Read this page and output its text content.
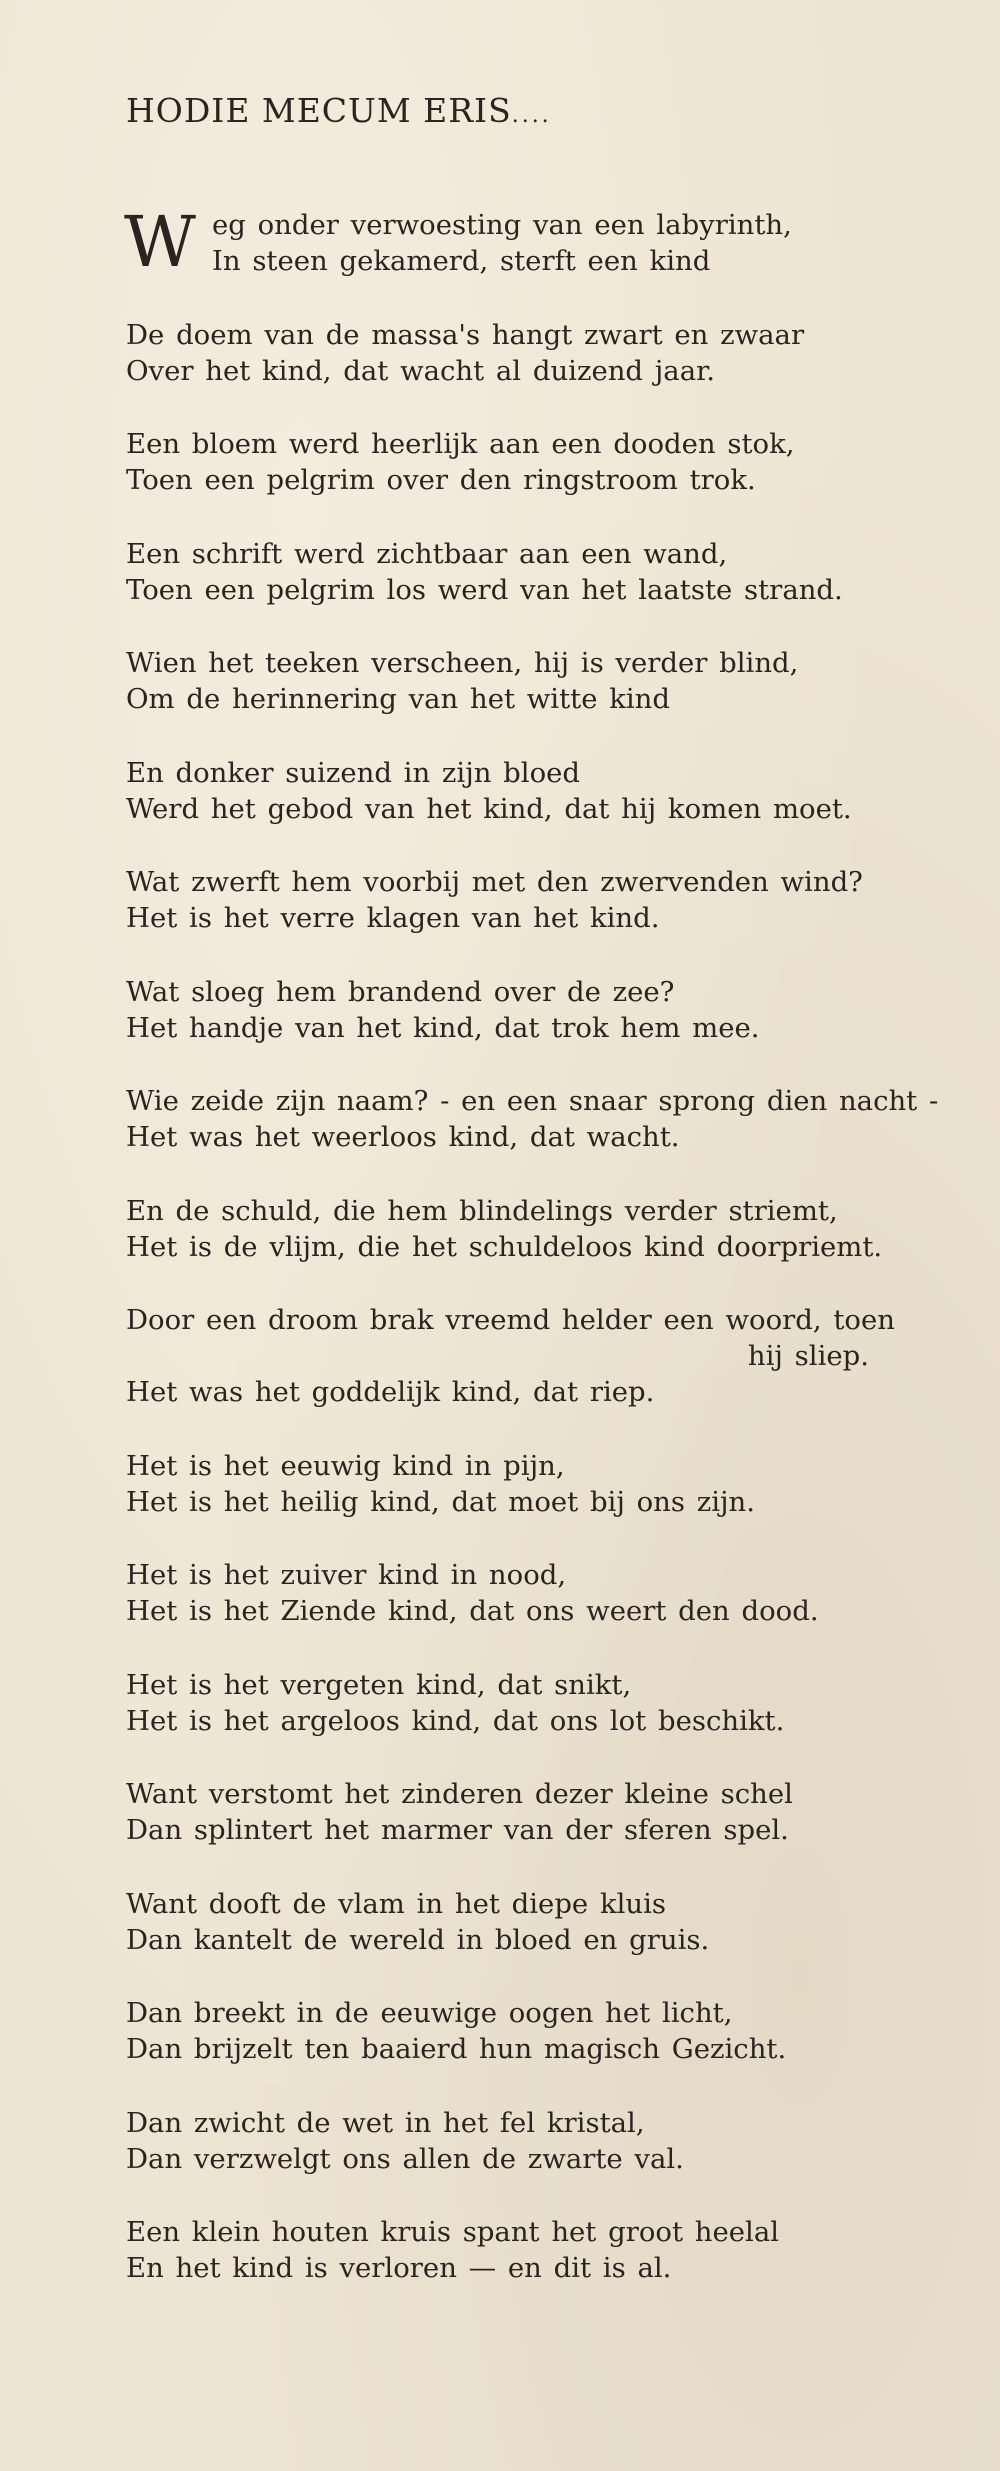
HODIE MECUM ERIS....
W eg onder verwoesting van een labyrinth,
In steen gekamerd, sterft een kind
De doem van de massa's hangt zwart en zwaar
Over het kind, dat wacht al duizend jaar.
Een bloem werd heerlijk aan een dooden stok,
Toen een pelgrim over den ringstroom trok.
Een schrift werd zichtbaar aan een wand,
Toen een pelgrim los werd van het laatste strand.
Wien het teeken verscheen, hij is verder blind,
Om de herinnering van het witte kind
En donker suizend in zijn bloed
Werd het gebod van het kind, dat hij komen moet.
Wat zwerft hem voorbij met den zwervenden wind?
Het is het verre klagen van het kind.
Wat sloeg hem brandend over de zee?
Het handje van het kind, dat trok hem mee.
Wie zeide zijn naam? - en een snaar sprong dien nacht -
Het was het weerloos kind, dat wacht.
En de schuld, die hem blindelings verder striemt,
Het is de vlijm, die het schuldeloos kind doorpriemt.
Door een droom brak vreemd helder een woord, toen
hij sliep.
Het was het goddelijk kind, dat riep.
Het is het eeuwig kind in pijn,
Het is het heilig kind, dat moet bij ons zijn.
Het is het zuiver kind in nood,
Het is het Ziende kind, dat ons weert den dood.
Het is het vergeten kind, dat snikt,
Het is het argeloos kind, dat ons lot beschikt.
Want verstomt het zinderen dezer kleine schel
Dan splintert het marmer van der sferen spel.
Want dooft de vlam in het diepe kluis
Dan kantelt de wereld in bloed en gruis.
Dan breekt in de eeuwige oogen het licht,
Dan brijzelt ten baaierd hun magisch Gezicht.
Dan zwicht de wet in het fel kristal,
Dan verzwelgt ons allen de zwarte val.
Een klein houten kruis spant het groot heelal
En het kind is verloren — en dit is al.
